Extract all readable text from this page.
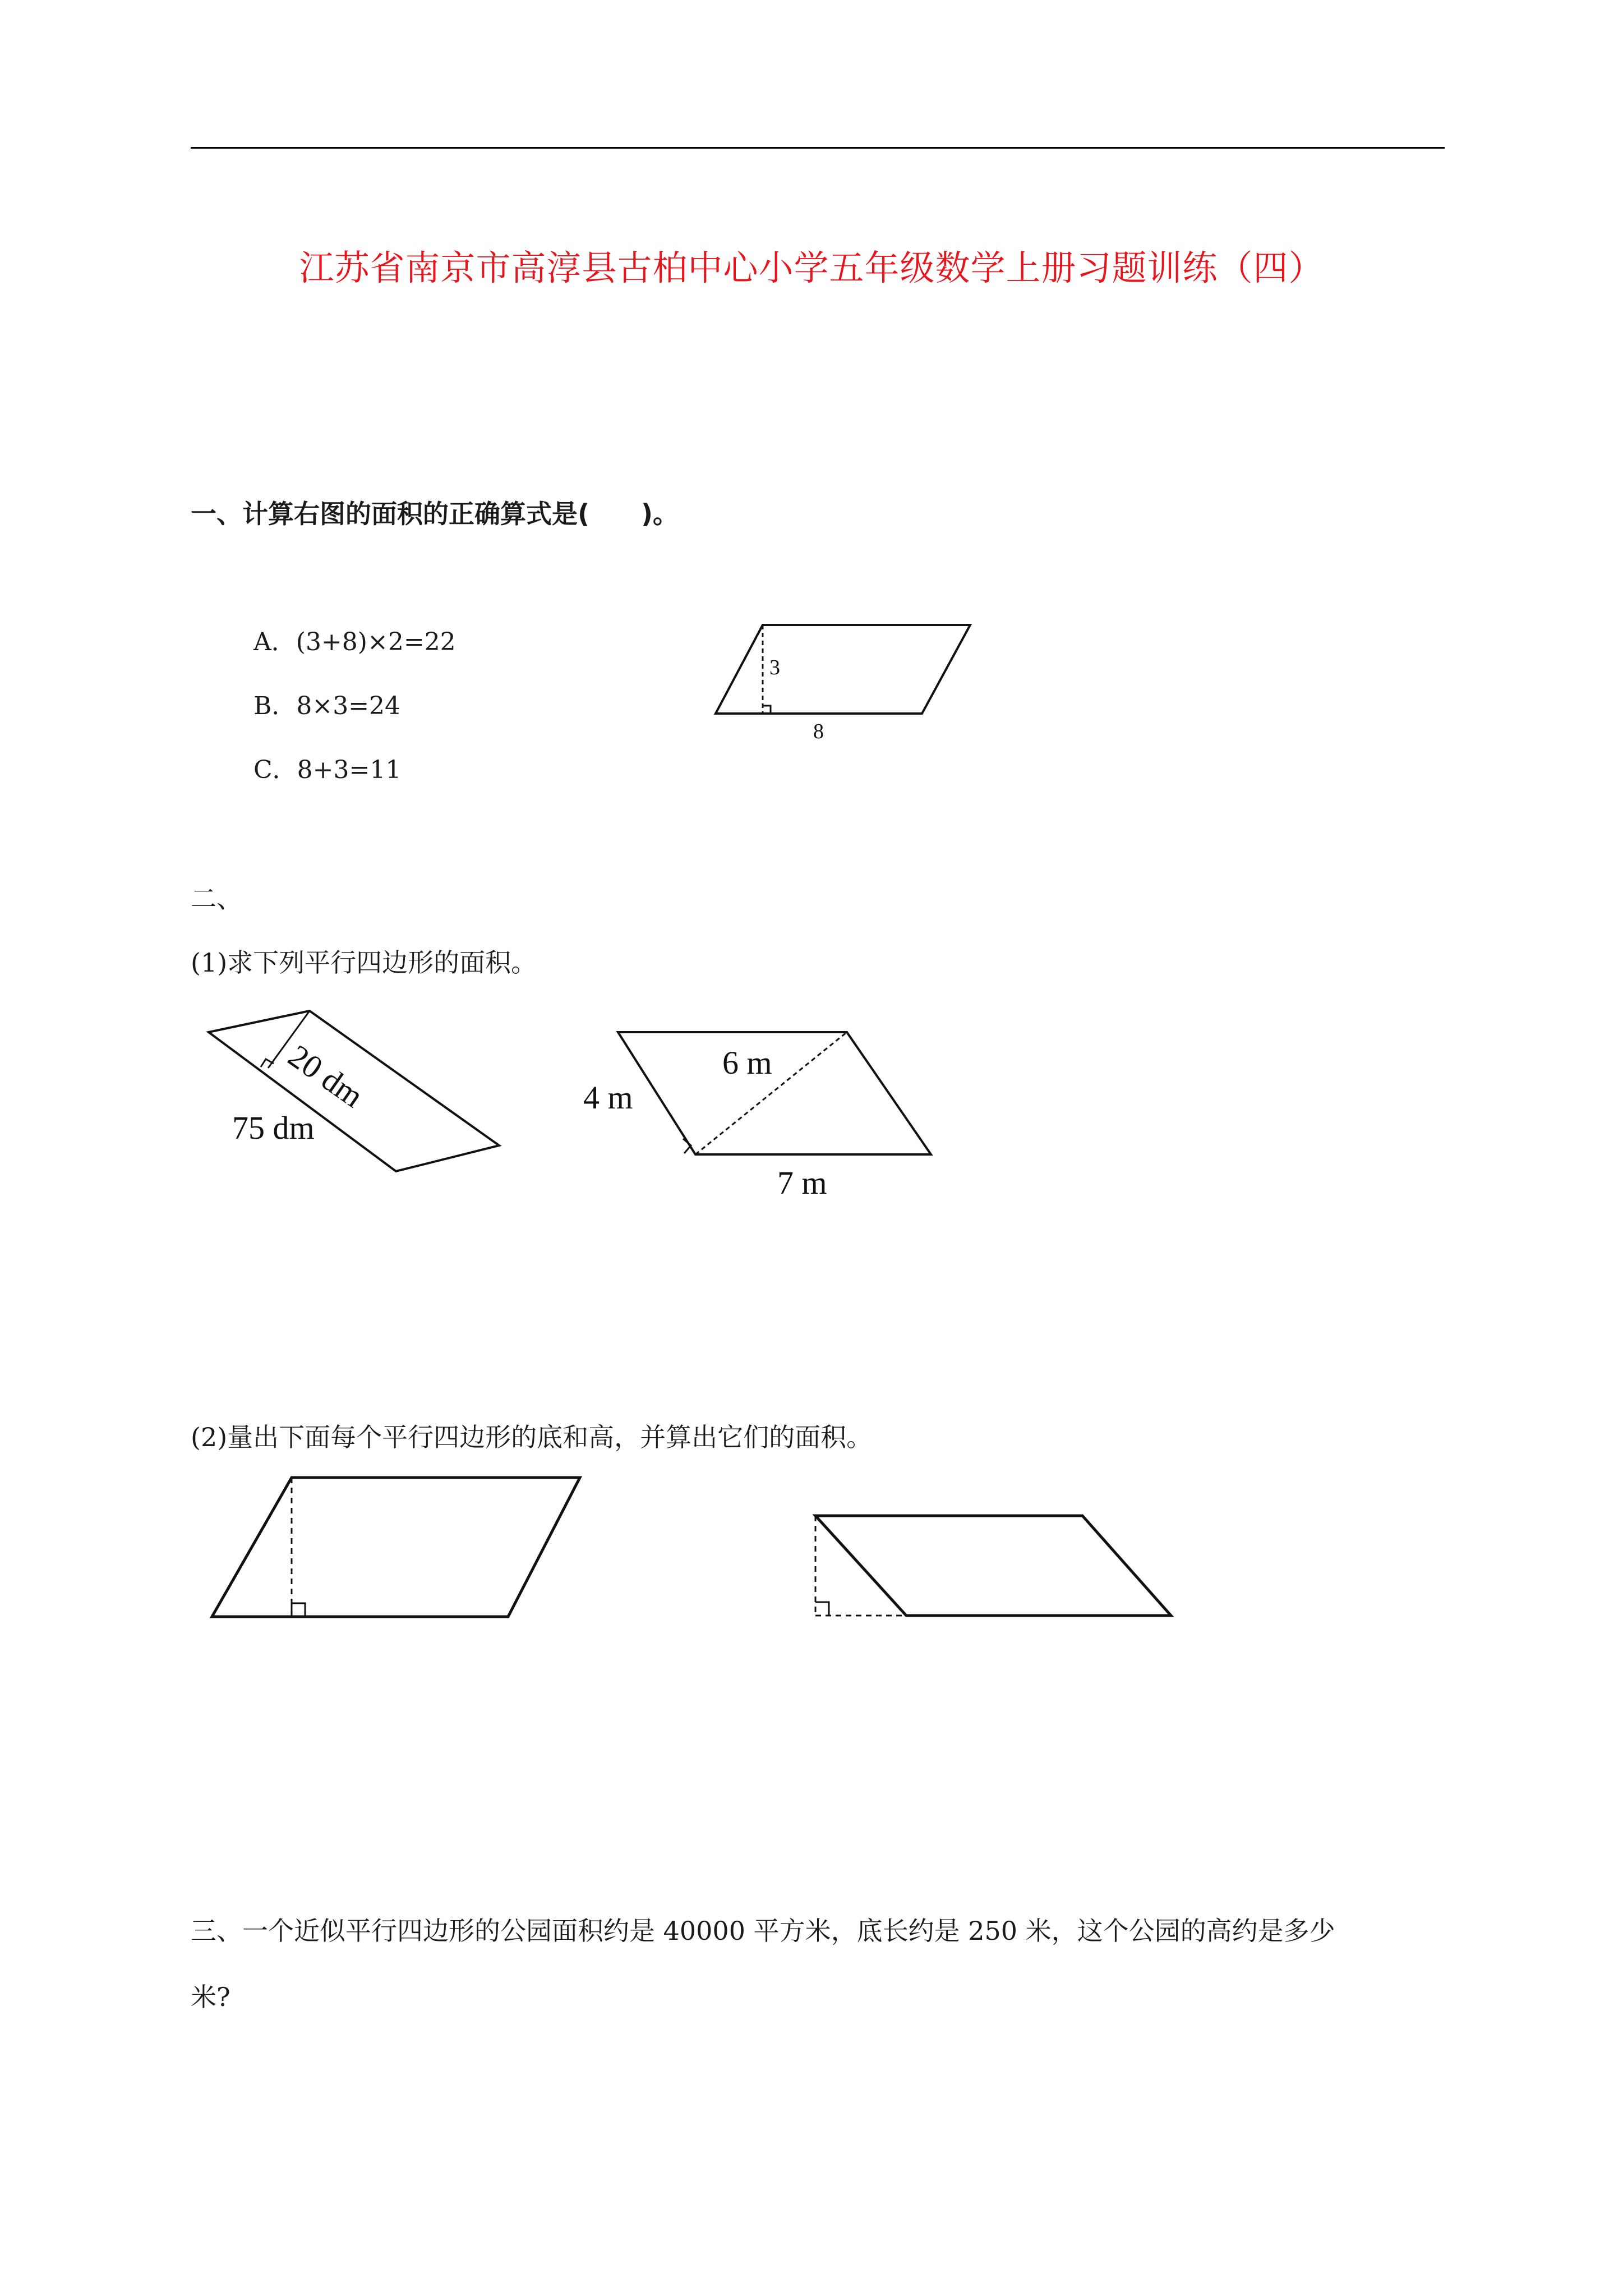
江苏省南京市高淳县古柏中心小学五年级数学上册习题训练（四）
一、计算右图的面积的正确算式是(　　)。
A．(3+8)×2=22
B．8×3=24
C．8+3=11
3
8
二、
(1)求下列平行四边形的面积。
20 dm
75 dm
4 m
6 m
7 m
(2)量出下面每个平行四边形的底和高，并算出它们的面积。
三、一个近似平行四边形的公园面积约是 40000 平方米，底长约是 250 米，这个公园的高约是多少
米?
